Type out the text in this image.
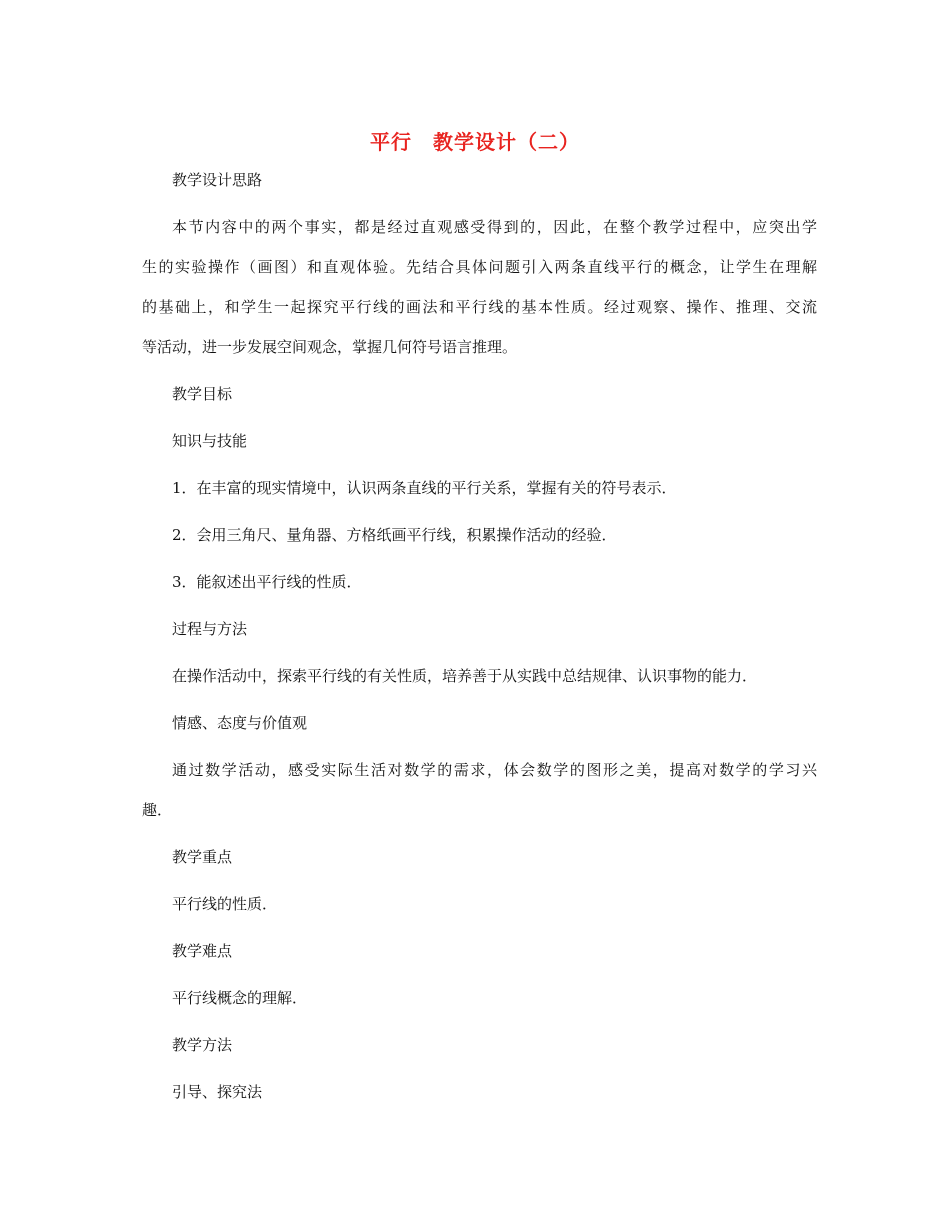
平行　教学设计（二）
教学设计思路
本节内容中的两个事实，都是经过直观感受得到的，因此，在整个教学过程中，应突出学
生的实验操作（画图）和直观体验。先结合具体问题引入两条直线平行的概念，让学生在理解
的基础上，和学生一起探究平行线的画法和平行线的基本性质。经过观察、操作、推理、交流
等活动，进一步发展空间观念，掌握几何符号语言推理。
教学目标
知识与技能
1．在丰富的现实情境中，认识两条直线的平行关系，掌握有关的符号表示．
2．会用三角尺、量角器、方格纸画平行线，积累操作活动的经验．
3．能叙述出平行线的性质．
过程与方法
在操作活动中，探索平行线的有关性质，培养善于从实践中总结规律、认识事物的能力．
情感、态度与价值观
通过数学活动，感受实际生活对数学的需求，体会数学的图形之美，提高对数学的学习兴
趣．
教学重点
平行线的性质．
教学难点
平行线概念的理解．
教学方法
引导、探究法
